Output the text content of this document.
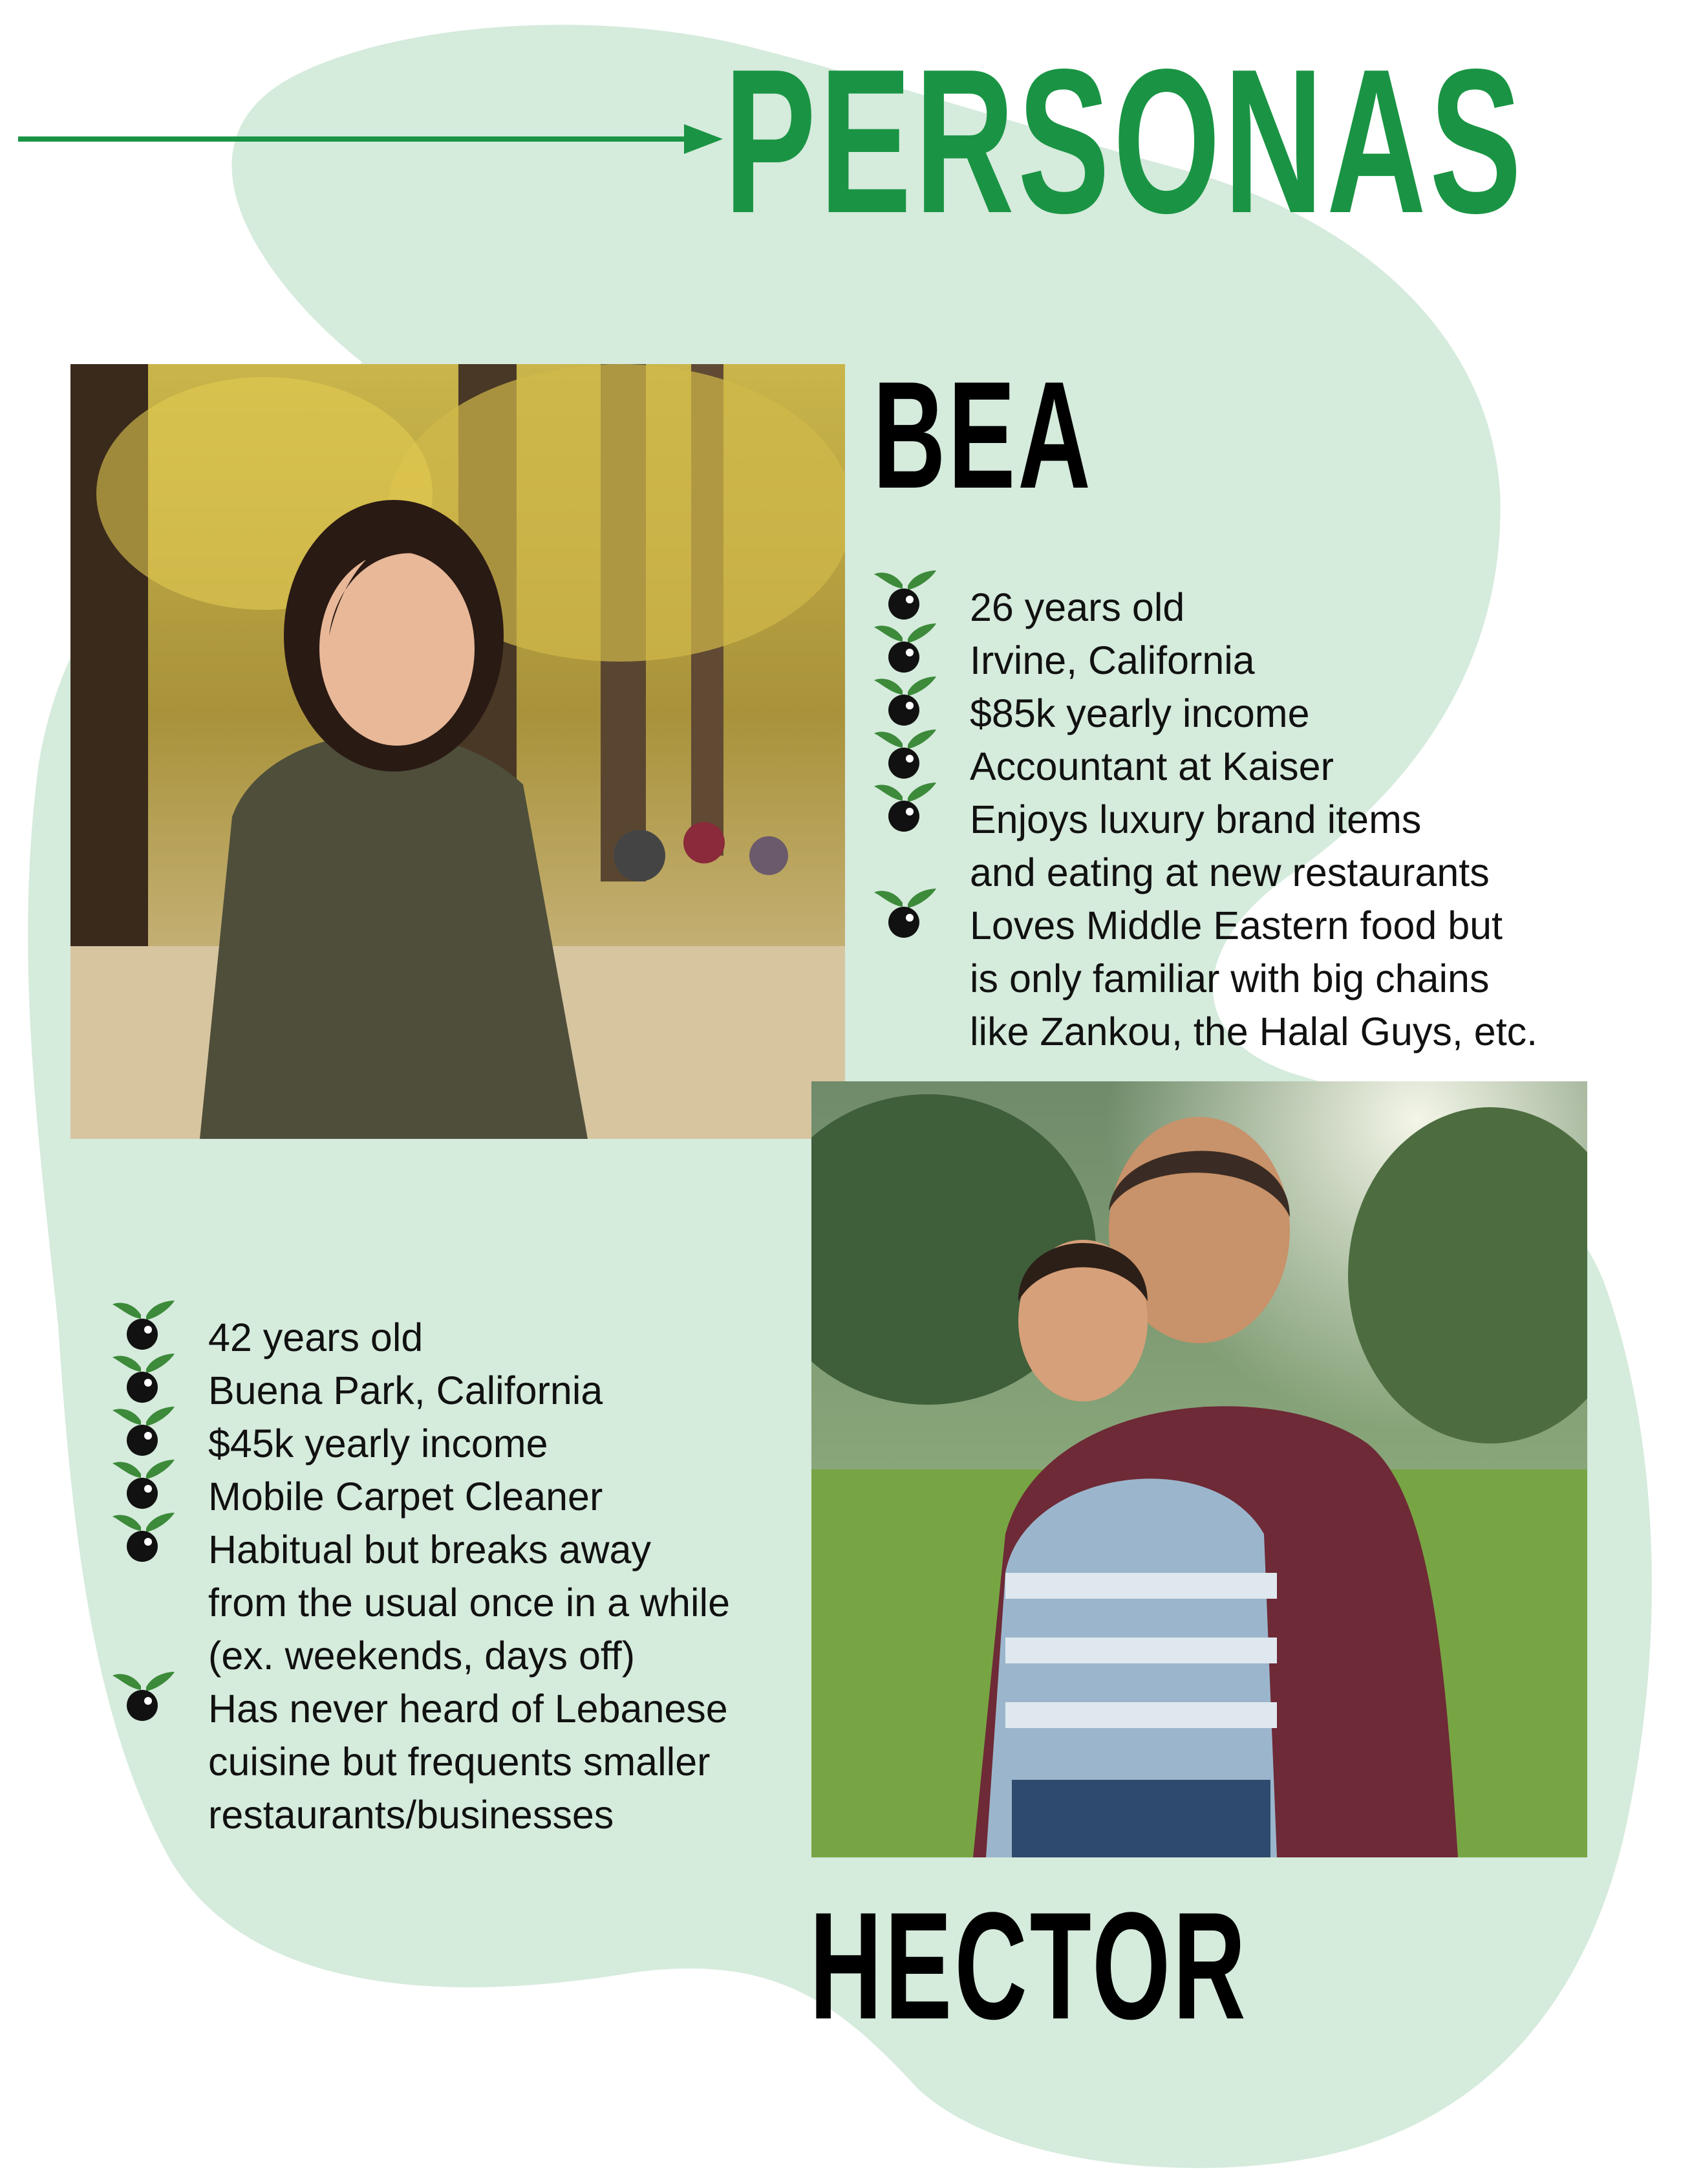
PERSONAS
BEA
26 years old
Irvine, California
$85k yearly income
Accountant at Kaiser
Enjoys luxury brand items
and eating at new restaurants
Loves Middle Eastern food but
is only familiar with big chains
like Zankou, the Halal Guys, etc.
42 years old
Buena Park, California
$45k yearly income
Mobile Carpet Cleaner
Habitual but breaks away
from the usual once in a while
(ex. weekends, days off)
Has never heard of Lebanese
cuisine but frequents smaller
restaurants/businesses
HECTOR
